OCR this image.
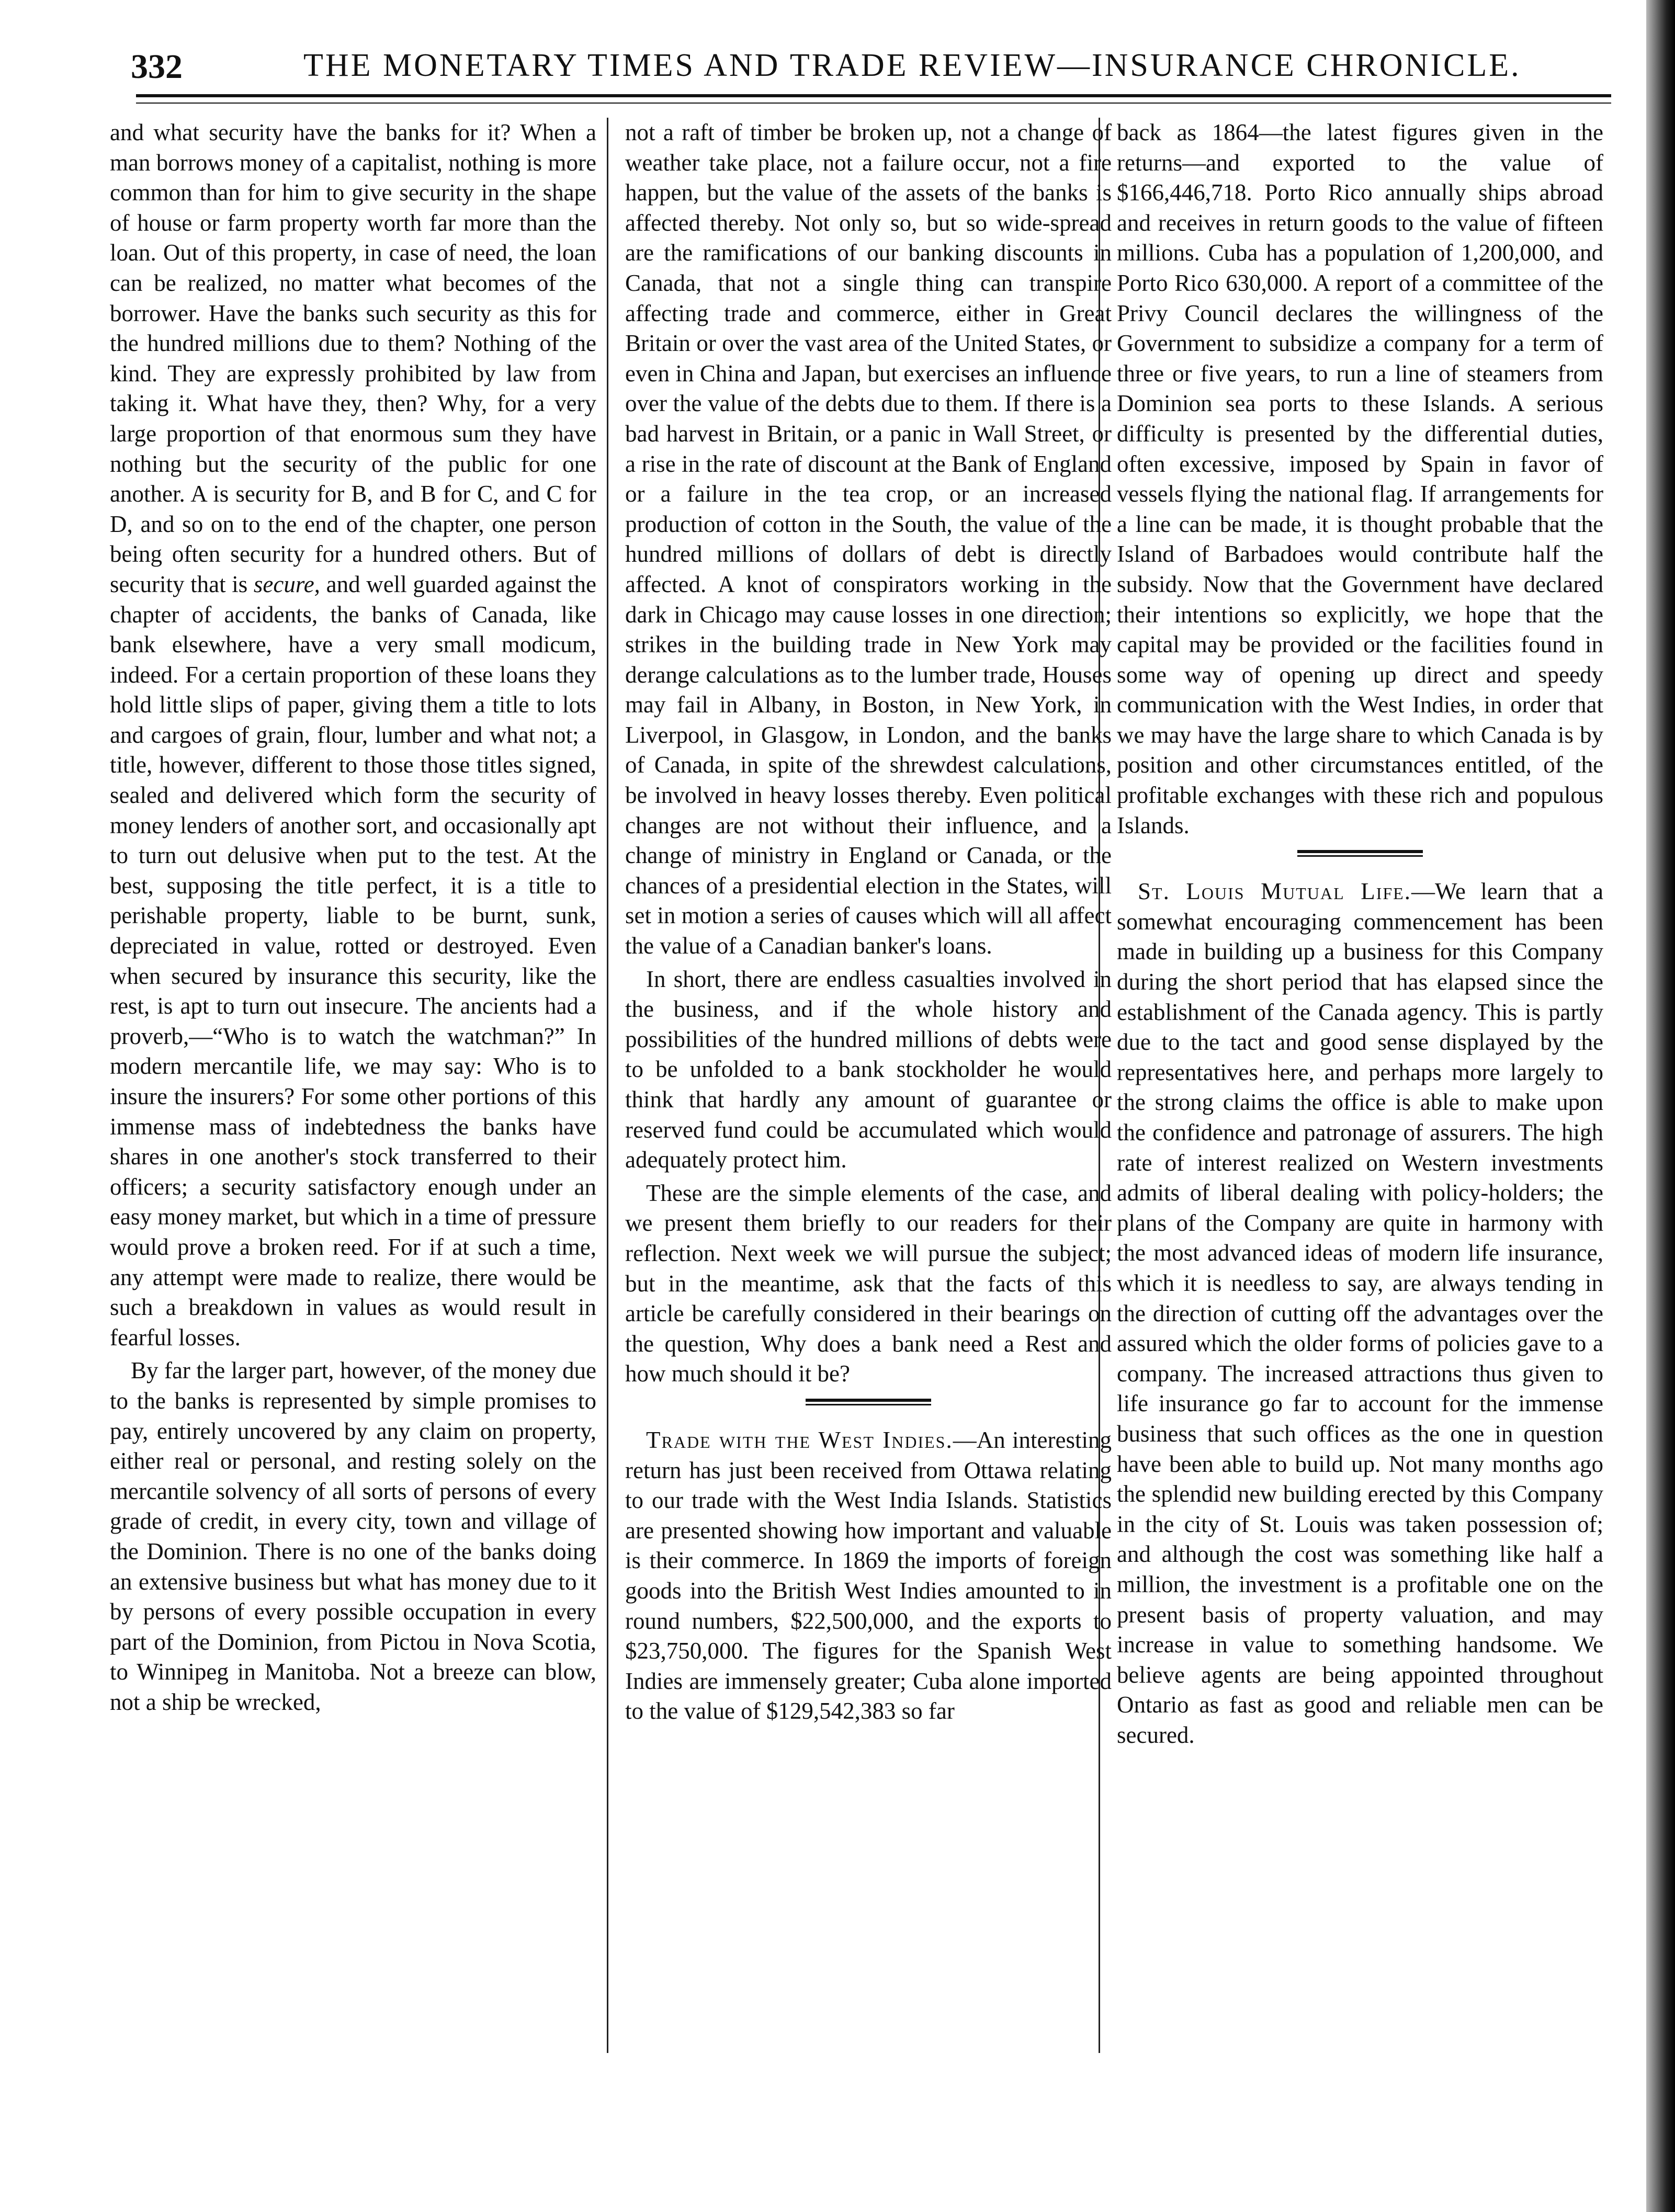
332	THE MONETARY TIMES AND TRADE REVIEW—INSURANCE CHRONICLE.

and what security have the banks for it? When a man borrows money of a capitalist, nothing is more common than for him to give security in the shape of house or farm property worth far more than the loan. Out of this property, in case of need, the loan can be realized, no matter what becomes of the borrower. Have the banks such security as this for the hundred millions due to them? Nothing of the kind. They are expressly prohibited by law from taking it. What have they, then? Why, for a very large proportion of that enormous sum they have nothing but the security of the public for one another. A is security for B, and B for C, and C for D, and so on to the end of the chapter, one person being often security for a hundred others. But of security that is secure, and well guarded against the chapter of accidents, the banks of Canada, like bank elsewhere, have a very small modicum, indeed. For a certain proportion of these loans they hold little slips of paper, giving them a title to lots and cargoes of grain, flour, lumber and what not; a title, however, different to those those titles signed, sealed and delivered which form the security of money lenders of another sort, and occasionally apt to turn out delusive when put to the test. At the best, supposing the title perfect, it is a title to perishable property, liable to be burnt, sunk, depreciated in value, rotted or destroyed. Even when secured by insurance this security, like the rest, is apt to turn out insecure. The ancients had a proverb,—“Who is to watch the watchman?” In modern mercantile life, we may say: Who is to insure the insurers? For some other portions of this immense mass of indebtedness the banks have shares in one another's stock transferred to their officers; a security satisfactory enough under an easy money market, but which in a time of pressure would prove a broken reed. For if at such a time, any attempt were made to realize, there would be such a breakdown in values as would result in fearful losses.

By far the larger part, however, of the money due to the banks is represented by simple promises to pay, entirely uncovered by any claim on property, either real or personal, and resting solely on the mercantile solvency of all sorts of persons of every grade of credit, in every city, town and village of the Dominion. There is no one of the banks doing an extensive business but what has money due to it by persons of every possible occupation in every part of the Dominion, from Pictou in Nova Scotia, to Winnipeg in Manitoba. Not a breeze can blow, not a ship be wrecked,

not a raft of timber be broken up, not a change of weather take place, not a failure occur, not a fire happen, but the value of the assets of the banks is affected thereby. Not only so, but so wide-spread are the ramifications of our banking discounts in Canada, that not a single thing can transpire affecting trade and commerce, either in Great Britain or over the vast area of the United States, or even in China and Japan, but exercises an influence over the value of the debts due to them. If there is a bad harvest in Britain, or a panic in Wall Street, or a rise in the rate of discount at the Bank of England or a failure in the tea crop, or an increased production of cotton in the South, the value of the hundred millions of dollars of debt is directly affected. A knot of conspirators working in the dark in Chicago may cause losses in one direction; strikes in the building trade in New York may derange calculations as to the lumber trade, Houses may fail in Albany, in Boston, in New York, in Liverpool, in Glasgow, in London, and the banks of Canada, in spite of the shrewdest calculations, be involved in heavy losses thereby. Even political changes are not without their influence, and a change of ministry in England or Canada, or the chances of a presidential election in the States, will set in motion a series of causes which will all affect the value of a Canadian banker's loans.

In short, there are endless casualties involved in the business, and if the whole history and possibilities of the hundred millions of debts were to be unfolded to a bank stockholder he would think that hardly any amount of guarantee or reserved fund could be accumulated which would adequately protect him.

These are the simple elements of the case, and we present them briefly to our readers for their reflection. Next week we will pursue the subject; but in the meantime, ask that the facts of this article be carefully considered in their bearings on the question, Why does a bank need a Rest and how much should it be?

Trade with the West Indies.—An interesting return has just been received from Ottawa relating to our trade with the West India Islands. Statistics are presented showing how important and valuable is their commerce. In 1869 the imports of foreign goods into the British West Indies amounted to in round numbers, $22,500,000, and the exports to $23,750,000. The figures for the Spanish West Indies are immensely greater; Cuba alone imported to the value of $129,542,383 so far

back as 1864—the latest figures given in the returns—and exported to the value of $166,446,718. Porto Rico annually ships abroad and receives in return goods to the value of fifteen millions. Cuba has a population of 1,200,000, and Porto Rico 630,000. A report of a committee of the Privy Council declares the willingness of the Government to subsidize a company for a term of three or five years, to run a line of steamers from Dominion sea ports to these Islands. A serious difficulty is presented by the differential duties, often excessive, imposed by Spain in favor of vessels flying the national flag. If arrangements for a line can be made, it is thought probable that the Island of Barbadoes would contribute half the subsidy. Now that the Government have declared their intentions so explicitly, we hope that the capital may be provided or the facilities found in some way of opening up direct and speedy communication with the West Indies, in order that we may have the large share to which Canada is by position and other circumstances entitled, of the profitable exchanges with these rich and populous Islands.

St. Louis Mutual Life.—We learn that a somewhat encouraging commencement has been made in building up a business for this Company during the short period that has elapsed since the establishment of the Canada agency. This is partly due to the tact and good sense displayed by the representatives here, and perhaps more largely to the strong claims the office is able to make upon the confidence and patronage of assurers. The high rate of interest realized on Western investments admits of liberal dealing with policy-holders; the plans of the Company are quite in harmony with the most advanced ideas of modern life insurance, which it is needless to say, are always tending in the direction of cutting off the advantages over the assured which the older forms of policies gave to a company. The increased attractions thus given to life insurance go far to account for the immense business that such offices as the one in question have been able to build up. Not many months ago the splendid new building erected by this Company in the city of St. Louis was taken possession of; and although the cost was something like half a million, the investment is a profitable one on the present basis of property valuation, and may increase in value to something handsome. We believe agents are being appointed throughout Ontario as fast as good and reliable men can be secured.
